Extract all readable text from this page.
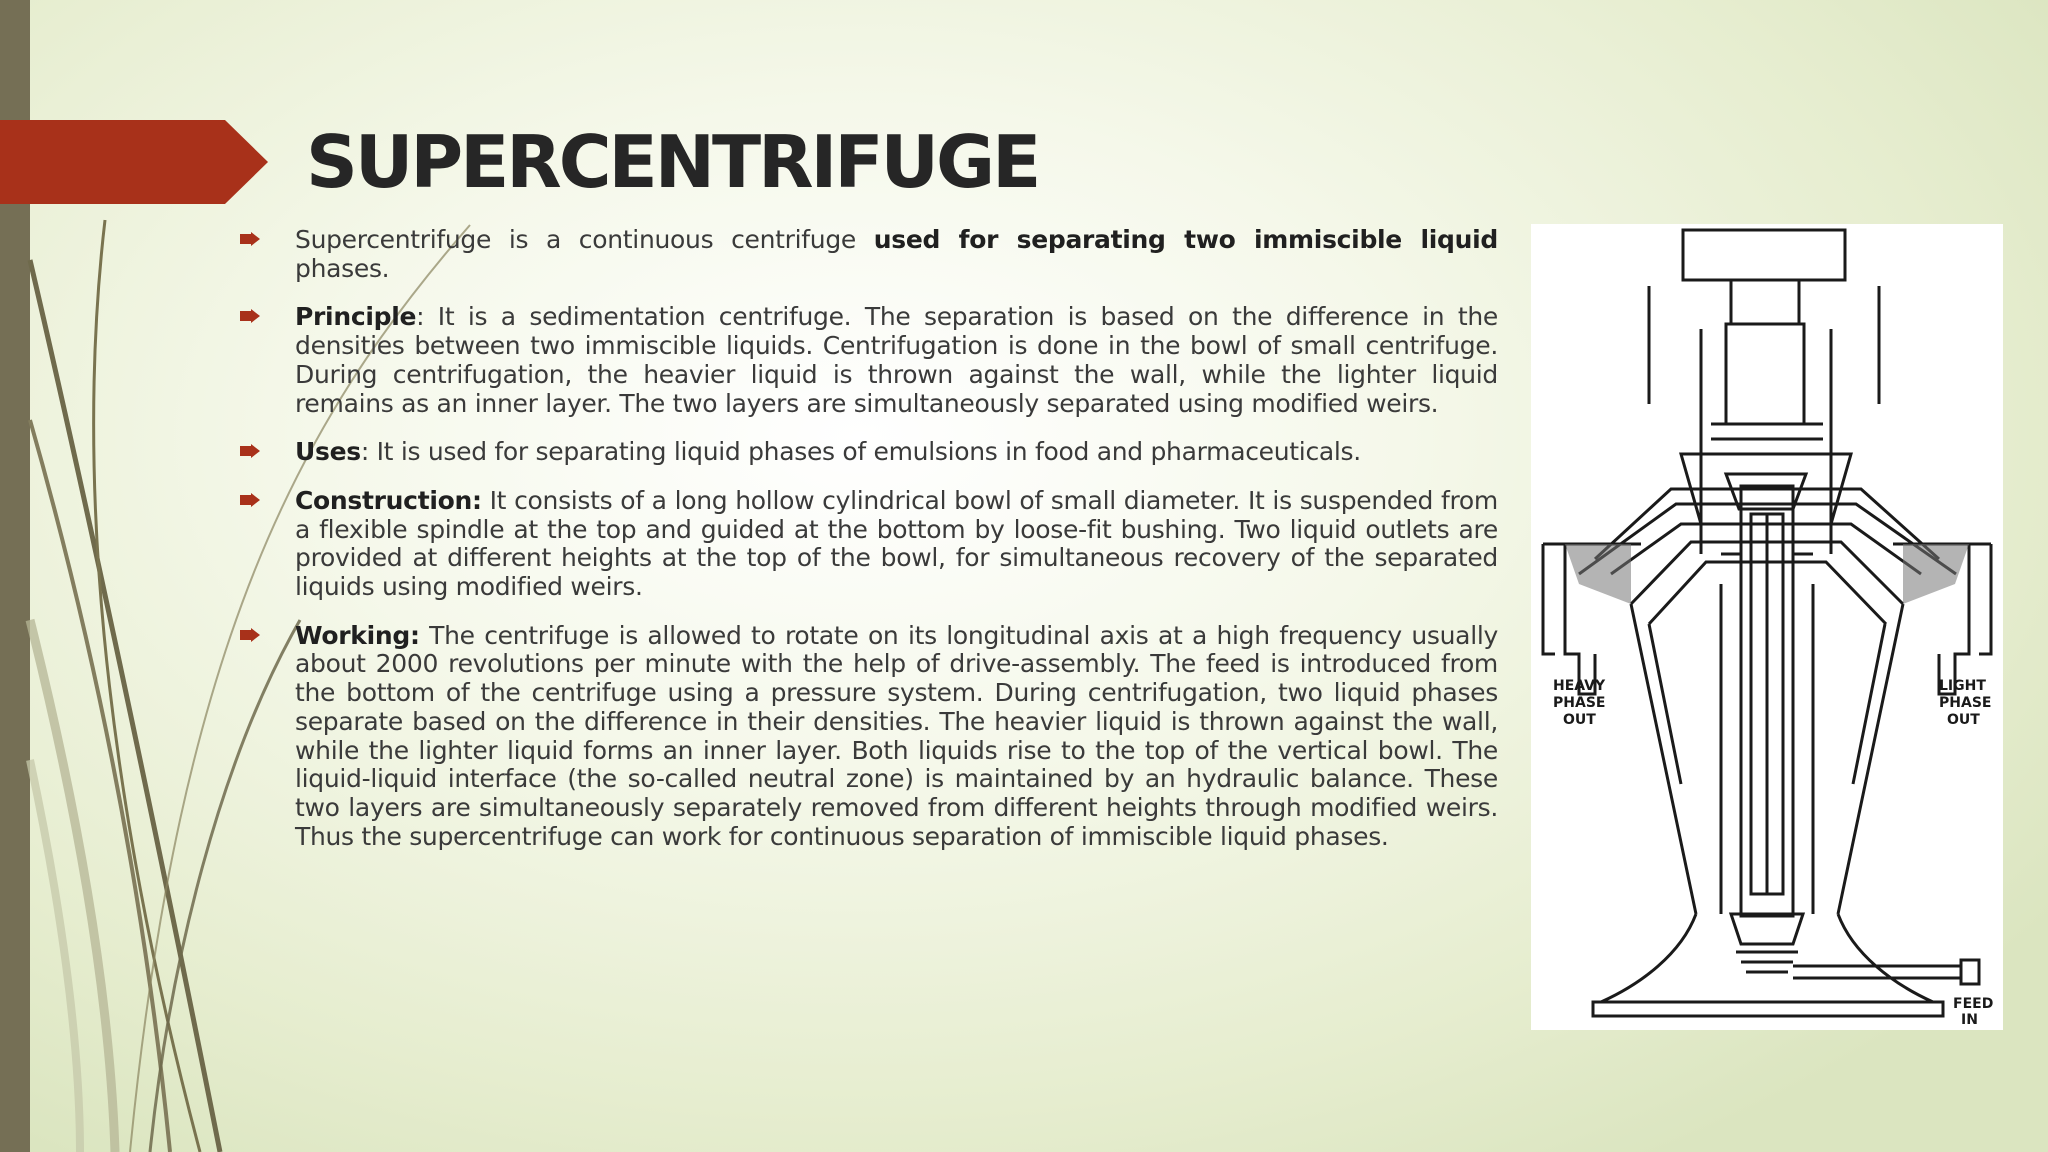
SUPERCENTRIFUGE
Supercentrifuge is a continuous centrifuge used for separating two immiscible liquid phases.
Principle: It is a sedimentation centrifuge. The separation is based on the difference in the densities between two immiscible liquids. Centrifugation is done in the bowl of small centrifuge. During centrifugation, the heavier liquid is thrown against the wall, while the lighter liquid remains as an inner layer. The two layers are simultaneously separated using modified weirs.
Uses: It is used for separating liquid phases of emulsions in food and pharmaceuticals.
Construction: It consists of a long hollow cylindrical bowl of small diameter. It is suspended from a flexible spindle at the top and guided at the bottom by loose-fit bushing. Two liquid outlets are provided at different heights at the top of the bowl, for simultaneous recovery of the separated liquids using modified weirs.
Working: The centrifuge is allowed to rotate on its longitudinal axis at a high frequency usually about 2000 revolutions per minute with the help of drive-assembly. The feed is introduced from the bottom of the centrifuge using a pressure system. During centrifugation, two liquid phases separate based on the difference in their densities. The heavier liquid is thrown against the wall, while the lighter liquid forms an inner layer. Both liquids rise to the top of the vertical bowl. The liquid-liquid interface (the so-called neutral zone) is maintained by an hydraulic balance. These two layers are simultaneously separately removed from different heights through modified weirs. Thus the supercentrifuge can work for continuous separation of immiscible liquid phases.
HEAVY
PHASE
OUT
LIGHT
PHASE
OUT
FEED
IN
